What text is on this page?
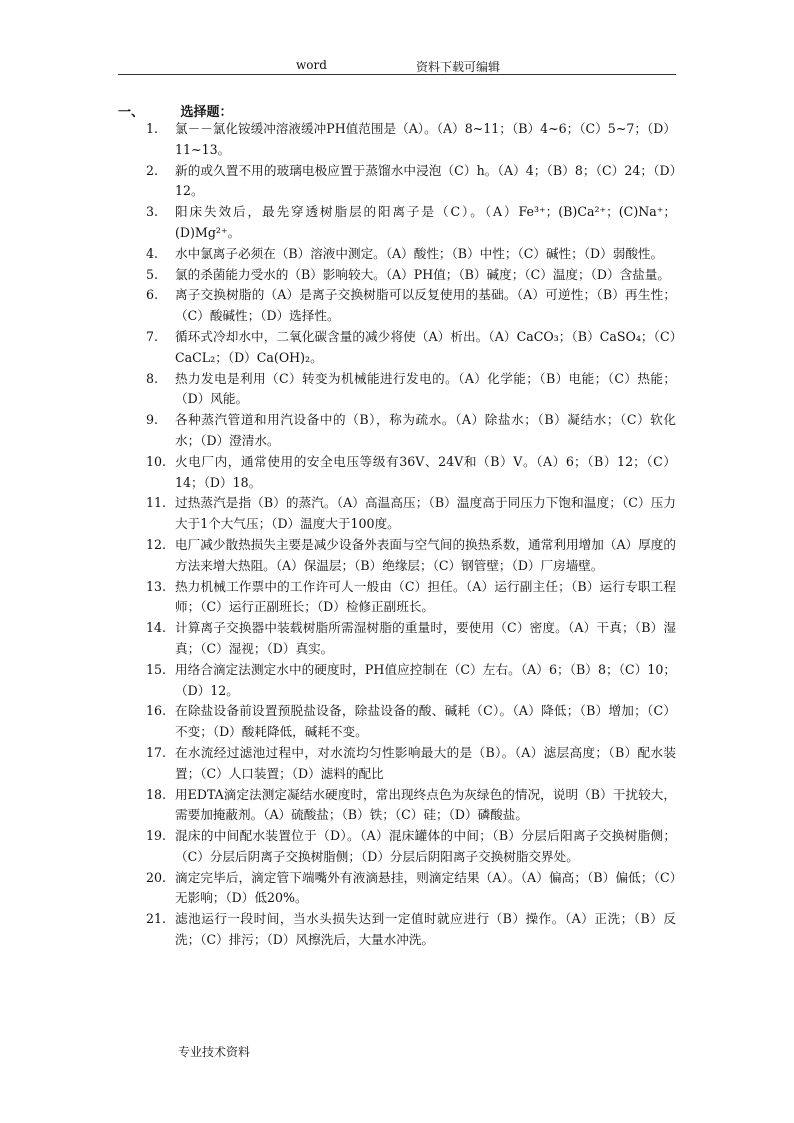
word	资料下载可编辑
一、	选择题：
1.	氯－－氯化铵缓冲溶液缓冲PH值范围是（A）。（A）8~11；（B）4~6；（C）5~7；（D）11~13。
2.	新的或久置不用的玻璃电极应置于蒸馏水中浸泡（C）h。（A）4；（B）8；（C）24；（D）12。
3.	阳床失效后，最先穿透树脂层的阳离子是（C）。（A）Fe³⁺；(B)Ca²⁺；(C)Na⁺；(D)Mg²⁺。
4.	水中氯离子必须在（B）溶液中测定。（A）酸性；（B）中性；（C）碱性；（D）弱酸性。
5.	氯的杀菌能力受水的（B）影响较大。（A）PH值；（B）碱度；（C）温度；（D）含盐量。
6.	离子交换树脂的（A）是离子交换树脂可以反复使用的基础。（A）可逆性；（B）再生性；（C）酸碱性；（D）选择性。
7.	循环式冷却水中，二氧化碳含量的减少将使（A）析出。（A）CaCO₃；（B）CaSO₄；（C）CaCL₂；（D）Ca(OH)₂。
8.	热力发电是利用（C）转变为机械能进行发电的。（A）化学能；（B）电能；（C）热能；（D）风能。
9.	各种蒸汽管道和用汽设备中的（B），称为疏水。（A）除盐水；（B）凝结水；（C）软化水；（D）澄清水。
10. 火电厂内，通常使用的安全电压等级有36V、24V和（B）V。（A）6；（B）12；（C）14；（D）18。
11. 过热蒸汽是指（B）的蒸汽。（A）高温高压；（B）温度高于同压力下饱和温度；（C）压力大于1个大气压；（D）温度大于100度。
12. 电厂减少散热损失主要是减少设备外表面与空气间的换热系数，通常利用增加（A）厚度的方法来增大热阻。（A）保温层；（B）绝缘层；（C）钢管壁；（D）厂房墙壁。
13. 热力机械工作票中的工作许可人一般由（C）担任。（A）运行副主任；（B）运行专职工程师；（C）运行正副班长；（D）检修正副班长。
14. 计算离子交换器中装载树脂所需湿树脂的重量时，要使用（C）密度。（A）干真；（B）湿真；（C）湿视；（D）真实。
15. 用络合滴定法测定水中的硬度时，PH值应控制在（C）左右。（A）6；（B）8；（C）10；（D）12。
16. 在除盐设备前设置预脱盐设备，除盐设备的酸、碱耗（C）。（A）降低；（B）增加；（C）不变；（D）酸耗降低，碱耗不变。
17. 在水流经过滤池过程中，对水流均匀性影响最大的是（B）。（A）滤层高度；（B）配水装置；（C）人口装置；（D）滤料的配比
18. 用EDTA滴定法测定凝结水硬度时，常出现终点色为灰绿色的情况，说明（B）干扰较大，需要加掩蔽剂。（A）硫酸盐；（B）铁；（C）硅；（D）磷酸盐。
19. 混床的中间配水装置位于（D）。（A）混床罐体的中间；（B）分层后阳离子交换树脂侧；（C）分层后阴离子交换树脂侧；（D）分层后阴阳离子交换树脂交界处。
20. 滴定完毕后，滴定管下端嘴外有液滴悬挂，则滴定结果（A）。（A）偏高；（B）偏低；（C）无影响；（D）低20%。
21. 滤池运行一段时间，当水头损失达到一定值时就应进行（B）操作。（A）正洗；（B）反洗；（C）排污；（D）风擦洗后，大量水冲洗。
专业技术资料
